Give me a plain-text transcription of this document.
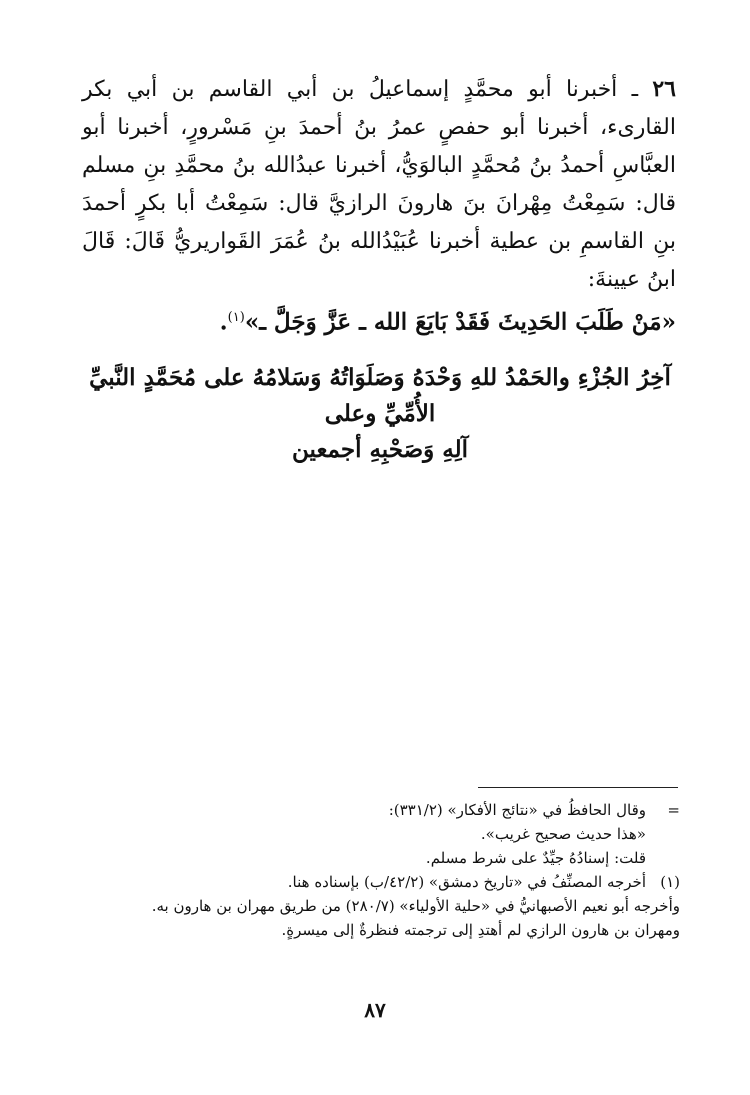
٢٦ ـ أخبرنا أبو محمَّدٍ إسماعيلُ بن أبي القاسم بن أبي بكر القارىء، أخبرنا أبو حفصٍ عمرُ بنُ أحمدَ بنِ مَسْرورٍ، أخبرنا أبو العبَّاسِ أحمدُ بنُ مُحمَّدٍ البالوَيُّ، أخبرنا عبدُالله بنُ محمَّدِ بنِ مسلم قال: سَمِعْتُ مِهْرانَ بنَ هارونَ الرازيَّ قال: سَمِعْتُ أبا بكرٍ أحمدَ بنِ القاسمِ بن عطية أخبرنا عُبَيْدُالله بنُ عُمَرَ القَواريريُّ قَالَ: قَالَ ابنُ عيينةَ:

«مَنْ طَلَبَ الحَدِيثَ فَقَدْ بَايَعَ الله ـ عَزَّ وَجَلَّ ـ»$^{(١)}$.

آخِرُ الجُزْءِ والحَمْدُ للهِ وَحْدَهُ وَصَلَوَاتُهُ وَسَلامُهُ على مُحَمَّدٍ النَّبيِّ الأُمِّيِّ وعلى
آلِهِ وَصَحْبِهِ أجمعين
=
وقال الحافظُ في «نتائج الأفكار» (٣٣١/٢):
«هذا حديث صحيح غريب».
قلت: إسنادُهُ جيِّدٌ على شرط مسلم.
(١)
أخرجه المصنِّفُ في «تاريخ دمشق» (٤٢/٢/ب) بإسناده هنا.
وأخرجه أبو نعيم الأصبهانيُّ في «حلية الأولياء» (٢٨٠/٧) من طريق مهران بن هارون به.
ومهران بن هارون الرازي لم أهتدِ إلى ترجمته فنظرةٌ إلى ميسرةٍ.
٨٧
